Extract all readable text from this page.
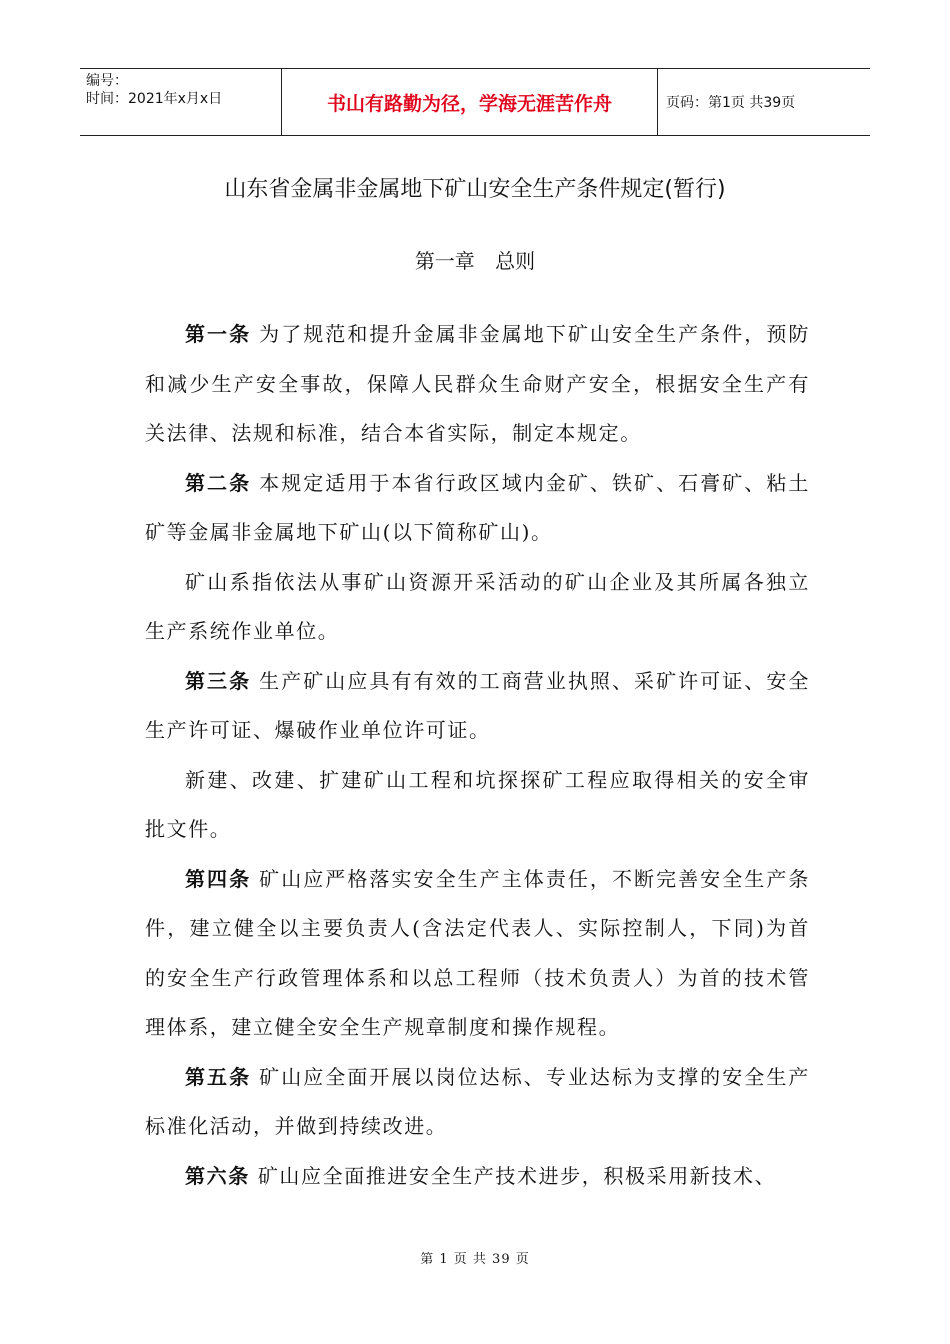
编号：
时间：2021年x月x日	书山有路勤为径，学海无涯苦作舟	页码：第1页 共39页
山东省金属非金属地下矿山安全生产条件规定(暂行)
第一章 总则

第一条 为了规范和提升金属非金属地下矿山安全生产条件，预防和减少生产安全事故，保障人民群众生命财产安全，根据安全生产有关法律、法规和标准，结合本省实际，制定本规定。

第二条 本规定适用于本省行政区域内金矿、铁矿、石膏矿、粘土矿等金属非金属地下矿山(以下简称矿山)。

矿山系指依法从事矿山资源开采活动的矿山企业及其所属各独立生产系统作业单位。

第三条 生产矿山应具有有效的工商营业执照、采矿许可证、安全生产许可证、爆破作业单位许可证。

新建、改建、扩建矿山工程和坑探探矿工程应取得相关的安全审批文件。

第四条 矿山应严格落实安全生产主体责任，不断完善安全生产条件，建立健全以主要负责人(含法定代表人、实际控制人，下同)为首的安全生产行政管理体系和以总工程师（技术负责人）为首的技术管理体系，建立健全安全生产规章制度和操作规程。

第五条 矿山应全面开展以岗位达标、专业达标为支撑的安全生产标准化活动，并做到持续改进。

第六条 矿山应全面推进安全生产技术进步，积极采用新技术、

第 1 页 共 39 页
